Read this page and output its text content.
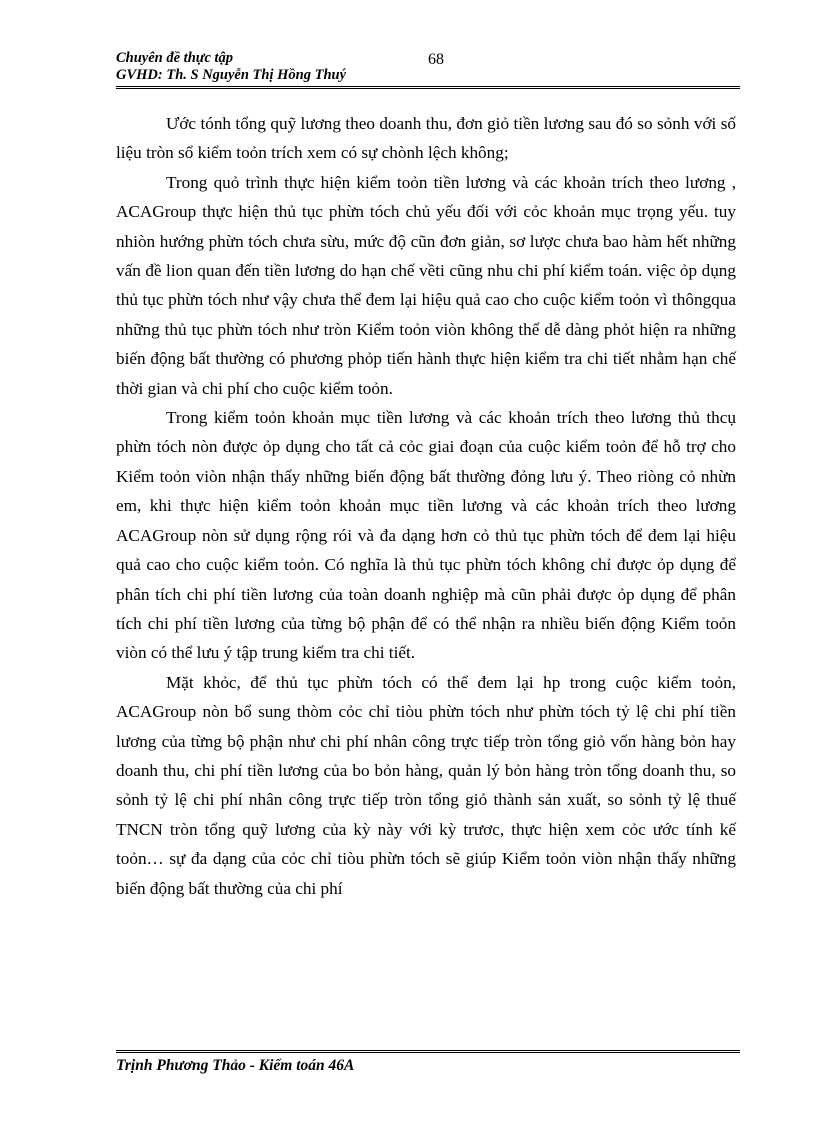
Chuyên đề thực tập
GVHD: Th. S Nguyễn Thị Hồng Thuý
68

Ước tónh tổng quỹ lương theo doanh thu, đơn giỏ tiền lương sau đó so sỏnh với số liệu tròn sổ kiểm toỏn trích xem có sự chònh lệch không;

Trong quỏ trình thực hiện kiểm toỏn tiền lương và các khoản trích theo lương , ACAGroup thực hiện thủ tục phừn tóch chủ yếu đối với cỏc khoản mục trọng yếu. tuy nhiòn hướng phừn tóch chưa sừu, mức độ cũn đơn giản, sơ lược chưa bao hàm hết những vấn đề lion quan đến tiền lương do hạn chế vềti cũng nhu chi phí kiểm toán. việc ỏp dụng thủ tục phừn tóch như vậy chưa thể đem lại hiệu quả cao cho cuộc kiểm toỏn vì thôngqua những thủ tục phừn tóch như tròn Kiểm toỏn viòn không thể dễ dàng phỏt hiện ra những biến động bất thường có phương phỏp tiến hành thực hiện kiểm tra chi tiết nhằm hạn chế thời gian và chi phí cho cuộc kiểm toỏn.

Trong kiểm toỏn khoản mục tiền lương và các khoản trích theo lương thủ thcụ phừn tóch nòn được ỏp dụng cho tất cả cỏc giai đoạn của cuộc kiểm toỏn để hỗ trợ cho Kiểm toỏn viòn nhận thấy những biến động bất thường đỏng lưu ý. Theo riòng cỏ nhừn em, khi thực hiện kiểm toỏn khoản mục tiền lương và các khoản trích theo lương ACAGroup nòn sử dụng rộng rói và đa dạng hơn cỏ thủ tục phừn tóch để đem lại hiệu quả cao cho cuộc kiểm toỏn. Có nghĩa là thủ tục phừn tóch không chỉ được ỏp dụng để phân tích chi phí tiền lương của toàn doanh nghiệp mà cũn phải được ỏp dụng để phân tích chi phí tiền lương của từng bộ phận để có thể nhận ra nhiều biến động Kiểm toỏn viòn có thể lưu ý tập trung kiểm tra chi tiết.

Mặt khỏc, để thủ tục phừn tóch có thể đem lại hp trong cuộc kiểm toỏn, ACAGroup nòn bổ sung thòm cỏc chỉ tiòu phừn tóch như phừn tóch tỷ lệ chi phí tiền lương của từng bộ phận như chi phí nhân công trực tiếp tròn tổng giỏ vốn hàng bỏn hay doanh thu, chi phí tiền lương của bo bỏn hàng, quản lý bỏn hàng tròn tổng doanh thu, so sỏnh tỷ lệ chi phí nhân công trực tiếp tròn tổng giỏ thành sản xuất, so sỏnh tỷ lệ thuế TNCN tròn tổng quỹ lương của kỳ này với kỳ trươc, thực hiện xem cỏc ước tính kế toỏn… sự đa dạng của cỏc chỉ tiòu phừn tóch sẽ giúp Kiểm toỏn viòn nhận thấy những biến động bất thường của chi phí

Trịnh Phương Thảo - Kiểm toán 46A
